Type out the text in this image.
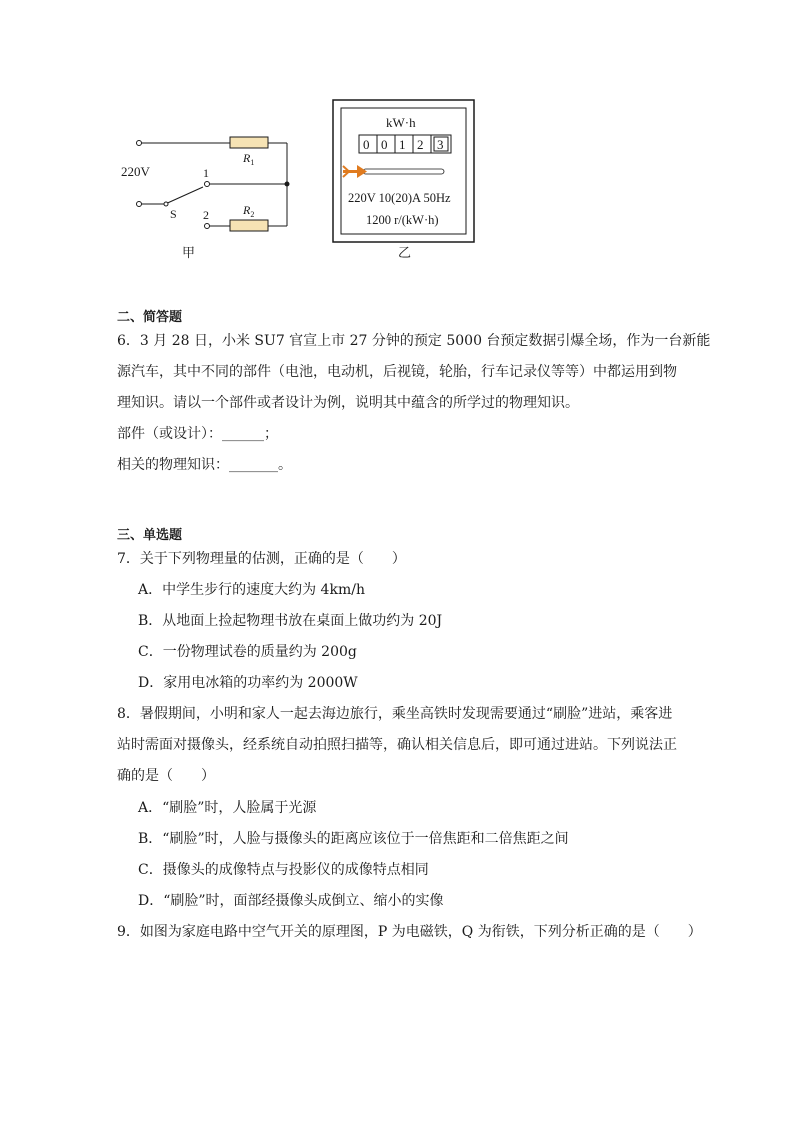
220V
$R_1$
$R_2$
1
2
S
甲
kW·h
0 0 1 2 3
220V 10(20)A 50Hz
1200 r/(kW·h)
乙
二、简答题
6．3 月 28 日，小米 SU7 官宣上市 27 分钟的预定 5000 台预定数据引爆全场，作为一台新能
源汽车，其中不同的部件（电池，电动机，后视镜，轮胎，行车记录仪等等）中都运用到物
理知识。请以一个部件或者设计为例，说明其中蕴含的所学过的物理知识。
部件（或设计）：______；
相关的物理知识：_______。
三、单选题
7．关于下列物理量的估测，正确的是（　　）
A．中学生步行的速度大约为 4km/h
B．从地面上捡起物理书放在桌面上做功约为 20J
C．一份物理试卷的质量约为 200g
D．家用电冰箱的功率约为 2000W
8．暑假期间，小明和家人一起去海边旅行，乘坐高铁时发现需要通过“刷脸”进站，乘客进
站时需面对摄像头，经系统自动拍照扫描等，确认相关信息后，即可通过进站。下列说法正
确的是（　　）
A．“刷脸”时，人脸属于光源
B．“刷脸”时，人脸与摄像头的距离应该位于一倍焦距和二倍焦距之间
C．摄像头的成像特点与投影仪的成像特点相同
D．“刷脸”时，面部经摄像头成倒立、缩小的实像
9．如图为家庭电路中空气开关的原理图，P 为电磁铁，Q 为衔铁，下列分析正确的是（　　）
